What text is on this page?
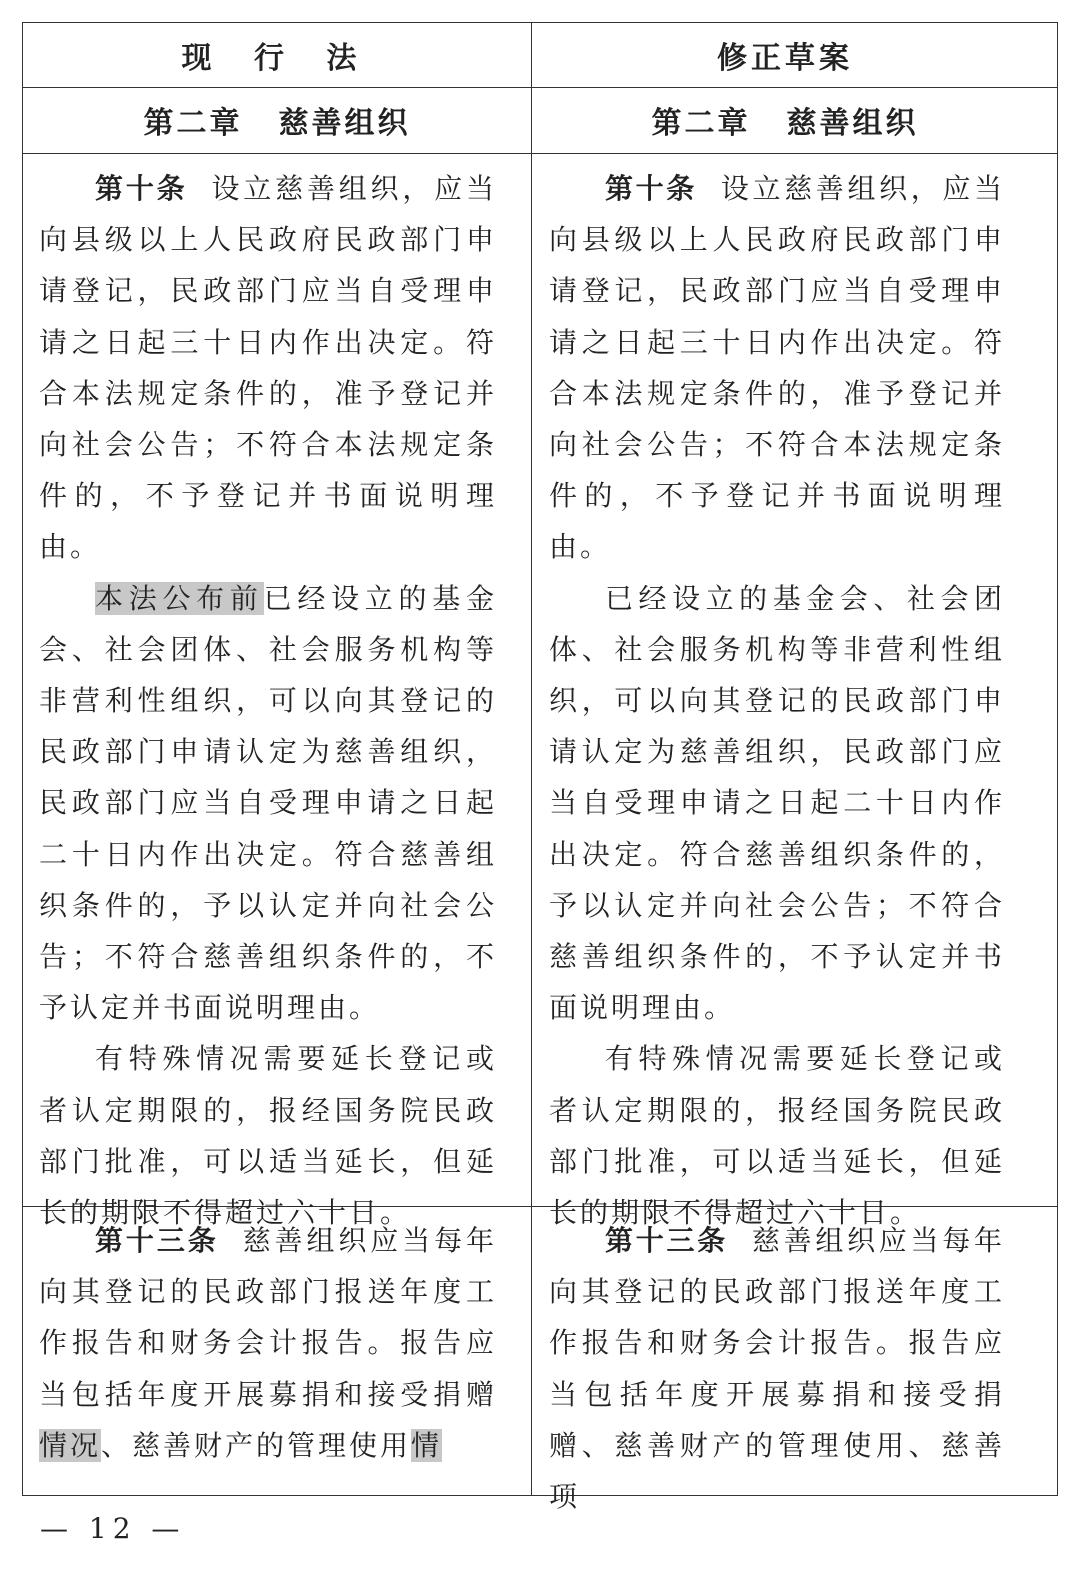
现 行 法	修正草案
第二章 慈善组织	第二章 慈善组织

第十条 设立慈善组织，应当向县级以上人民政府民政部门申请登记，民政部门应当自受理申请之日起三十日内作出决定。符合本法规定条件的，准予登记并向社会公告；不符合本法规定条件的，不予登记并书面说明理由。

本法公布前已经设立的基金会、社会团体、社会服务机构等非营利性组织，可以向其登记的民政部门申请认定为慈善组织，民政部门应当自受理申请之日起二十日内作出决定。符合慈善组织条件的，予以认定并向社会公告；不符合慈善组织条件的，不予认定并书面说明理由。

有特殊情况需要延长登记或者认定期限的，报经国务院民政部门批准，可以适当延长，但延长的期限不得超过六十日。

第十条 设立慈善组织，应当向县级以上人民政府民政部门申请登记，民政部门应当自受理申请之日起三十日内作出决定。符合本法规定条件的，准予登记并向社会公告；不符合本法规定条件的，不予登记并书面说明理由。

已经设立的基金会、社会团体、社会服务机构等非营利性组织，可以向其登记的民政部门申请认定为慈善组织，民政部门应当自受理申请之日起二十日内作出决定。符合慈善组织条件的，予以认定并向社会公告；不符合慈善组织条件的，不予认定并书面说明理由。

有特殊情况需要延长登记或者认定期限的，报经国务院民政部门批准，可以适当延长，但延长的期限不得超过六十日。

第十三条 慈善组织应当每年向其登记的民政部门报送年度工作报告和财务会计报告。报告应当包括年度开展募捐和接受捐赠情况、慈善财产的管理使用情

第十三条 慈善组织应当每年向其登记的民政部门报送年度工作报告和财务会计报告。报告应当包括年度开展募捐和接受捐赠、慈善财产的管理使用、慈善项

— 12 —
